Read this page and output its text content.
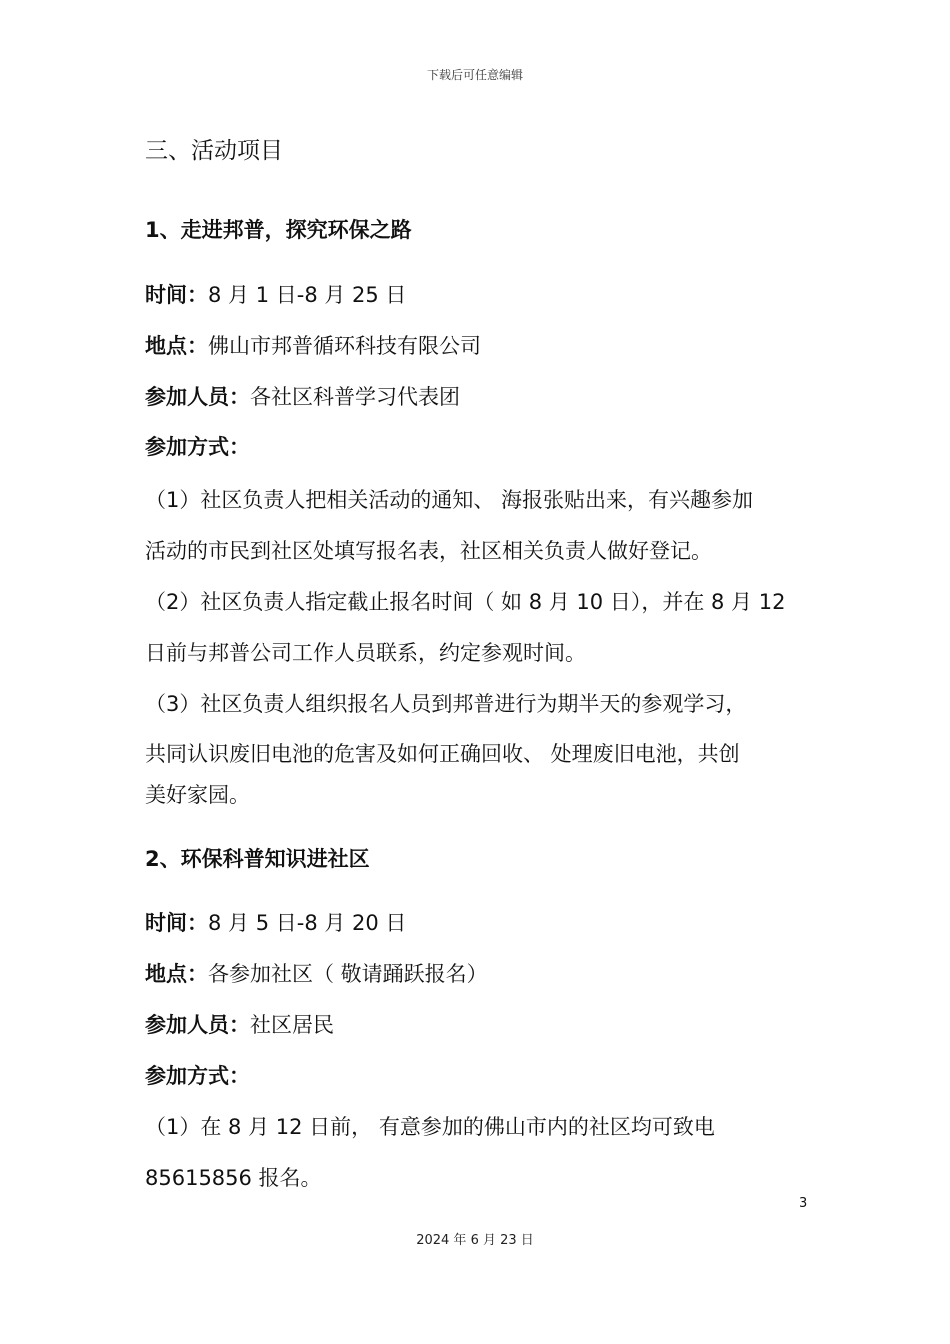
下载后可任意编辑
三、活动项目
1、走进邦普，探究环保之路
时间：8 月 1 日-8 月 25 日
地点：佛山市邦普循环科技有限公司
参加人员：各社区科普学习代表团
参加方式：
（1）社区负责人把相关活动的通知、 海报张贴出来，有兴趣参加
活动的市民到社区处填写报名表，社区相关负责人做好登记。
（2）社区负责人指定截止报名时间（ 如 8 月 10 日），并在 8 月 12
日前与邦普公司工作人员联系，约定参观时间。
（3）社区负责人组织报名人员到邦普进行为期半天的参观学习，
共同认识废旧电池的危害及如何正确回收、 处理废旧电池，共创
美好家园。
2、环保科普知识进社区
时间：8 月 5 日-8 月 20 日
地点：各参加社区（ 敬请踊跃报名）
参加人员：社区居民
参加方式：
（1）在 8 月 12 日前， 有意参加的佛山市内的社区均可致电
85615856 报名。
3
2024 年 6 月 23 日
